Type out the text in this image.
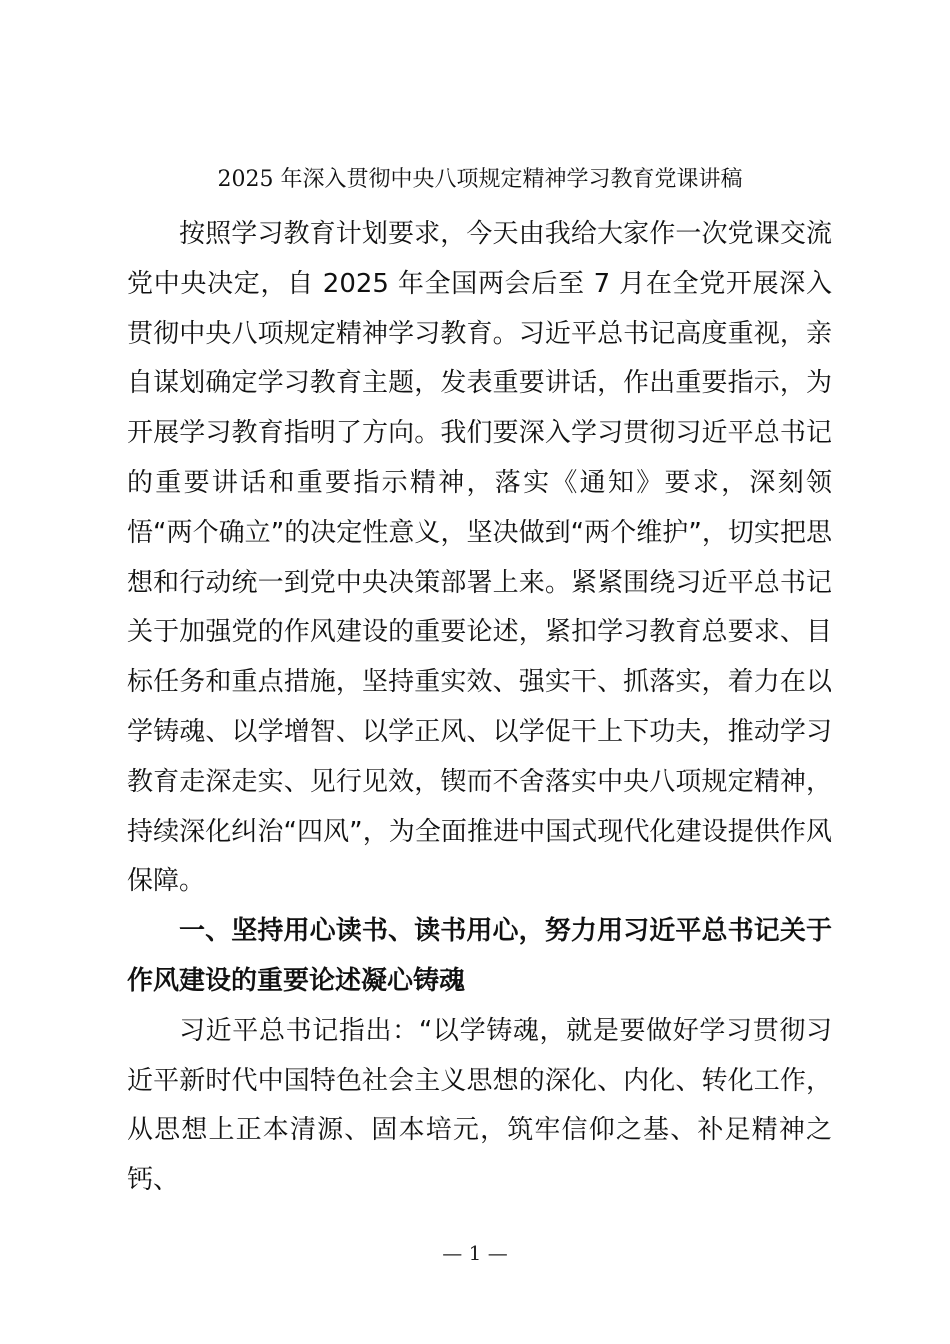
2025 年深入贯彻中央八项规定精神学习教育党课讲稿

按照学习教育计划要求，今天由我给大家作一次党课交流党中央决定，自 2025 年全国两会后至 7 月在全党开展深入贯彻中央八项规定精神学习教育。习近平总书记高度重视，亲自谋划确定学习教育主题，发表重要讲话，作出重要指示，为开展学习教育指明了方向。我们要深入学习贯彻习近平总书记的重要讲话和重要指示精神，落实《通知》要求，深刻领悟“两个确立”的决定性意义，坚决做到“两个维护”，切实把思想和行动统一到党中央决策部署上来。紧紧围绕习近平总书记关于加强党的作风建设的重要论述，紧扣学习教育总要求、目标任务和重点措施，坚持重实效、强实干、抓落实，着力在以学铸魂、以学增智、以学正风、以学促干上下功夫，推动学习教育走深走实、见行见效，锲而不舍落实中央八项规定精神，持续深化纠治“四风”，为全面推进中国式现代化建设提供作风保障。

一、坚持用心读书、读书用心，努力用习近平总书记关于作风建设的重要论述凝心铸魂

习近平总书记指出：“以学铸魂，就是要做好学习贯彻习近平新时代中国特色社会主义思想的深化、内化、转化工作，从思想上正本清源、固本培元，筑牢信仰之基、补足精神之钙、

— 1 —
